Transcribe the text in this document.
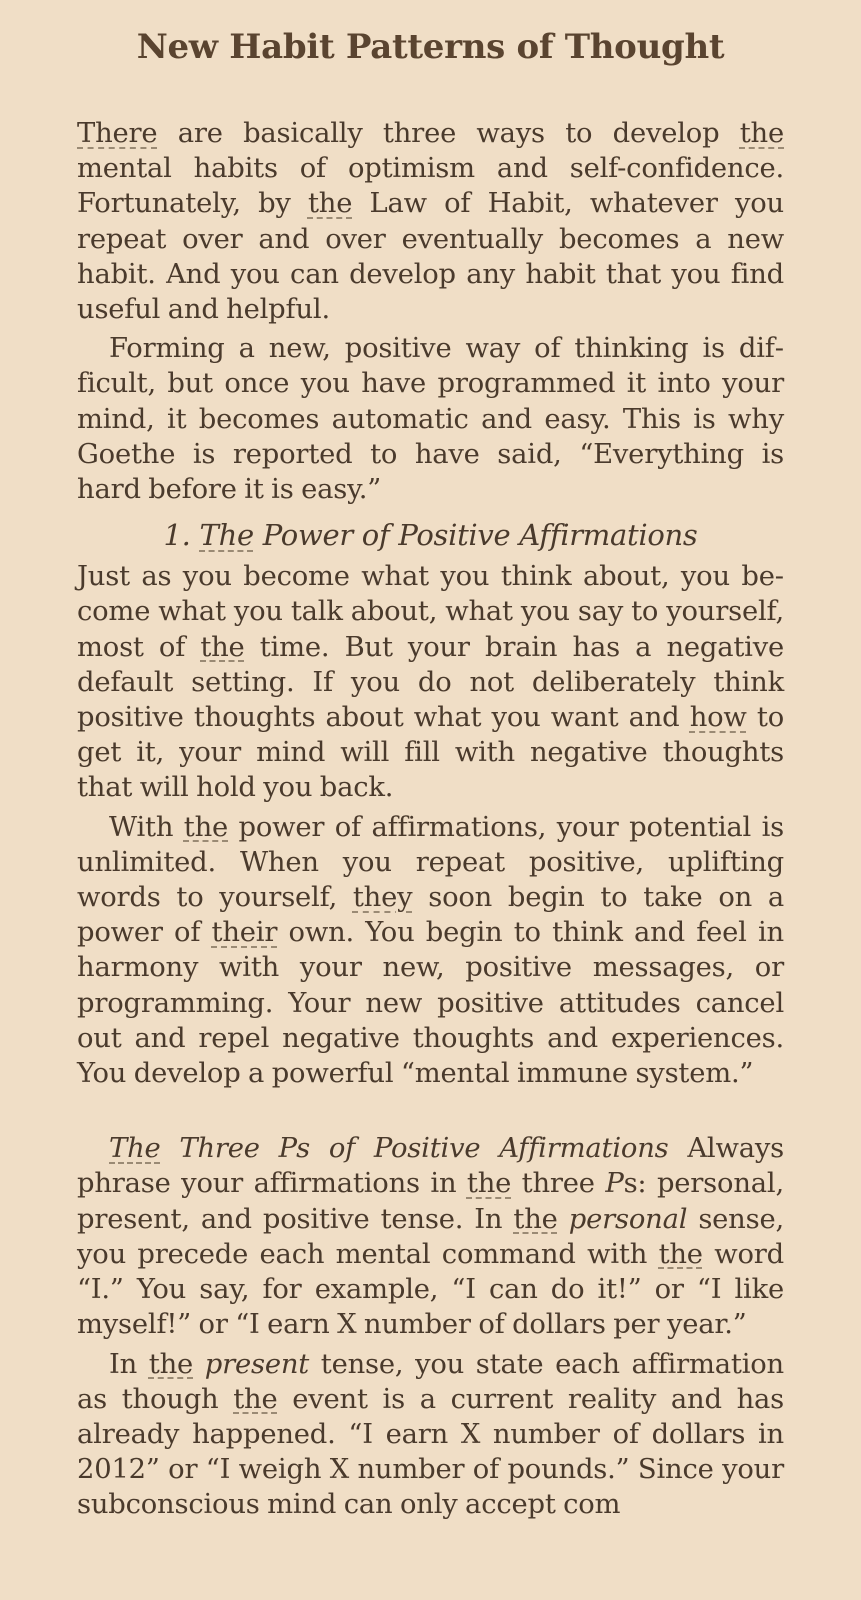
New Habit Patterns of Thought

There are basically three ways to develop the mental habits of optimism and self-confidence. Fortunately, by the Law of Habit, whatever you repeat over and over eventually becomes a new habit. And you can develop any habit that you find useful and helpful.

Forming a new, positive way of thinking is difficult, but once you have programmed it into your mind, it becomes automatic and easy. This is why Goethe is reported to have said, “Everything is hard before it is easy.”

1. The Power of Positive Affirmations

Just as you become what you think about, you become what you talk about, what you say to yourself, most of the time. But your brain has a negative default setting. If you do not deliberately think positive thoughts about what you want and how to get it, your mind will fill with negative thoughts that will hold you back.

With the power of affirmations, your potential is unlimited. When you repeat positive, uplifting words to yourself, they soon begin to take on a power of their own. You begin to think and feel in harmony with your new, positive messages, or programming. Your new positive attitudes cancel out and repel negative thoughts and experiences. You develop a powerful “mental immune system.”

The Three Ps of Positive Affirmations Always phrase your affirmations in the three Ps: personal, present, and positive tense. In the personal sense, you precede each mental command with the word “I.” You say, for example, “I can do it!” or “I like myself!” or “I earn X number of dollars per year.”

In the present tense, you state each affirmation as though the event is a current reality and has already happened. “I earn X number of dollars in 2012” or “I weigh X number of pounds.” Since your subconscious mind can only accept com
